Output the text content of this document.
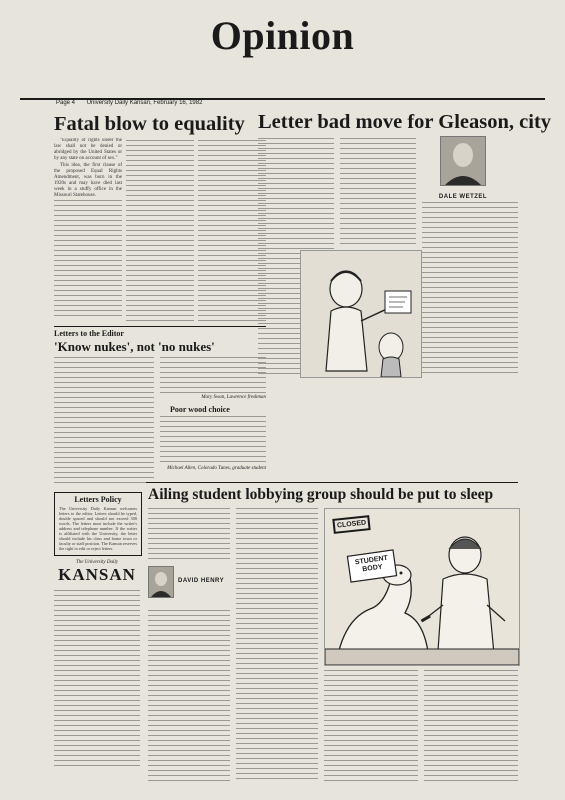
Opinion
Page 4 University Daily Kansan, February 16, 1982
Fatal blow to equality

"Equality of rights under the law shall not be denied or abridged by the United States or by any state on account of sex."

This idea, the first clause of the proposed Equal Rights Amendment, was born in the 1920s and may have died last week in a stuffy office in the Missouri Statehouse.

Letters to the Editor
'Know nukes', not 'no nukes'
Mary Swan, Lawrence freshman
Poor wood choice
Michael Allen, Colorado Tunes, graduate student
Letters Policy
The University Daily Kansan welcomes letters to the editor. Letters should be typed, double spaced and should not exceed 300 words. The letters must include the writer's address and telephone number. If the writer is affiliated with the University, the letter should include his class and home town or faculty or staff position. The Kansan reserves the right to edit or reject letters.
The University Daily
KANSAN
Letter bad move for Gleason, city
DALE WETZEL
Ailing student lobbying group should be put to sleep
DAVID HENRY
STUDENT BODY
CLOSED
